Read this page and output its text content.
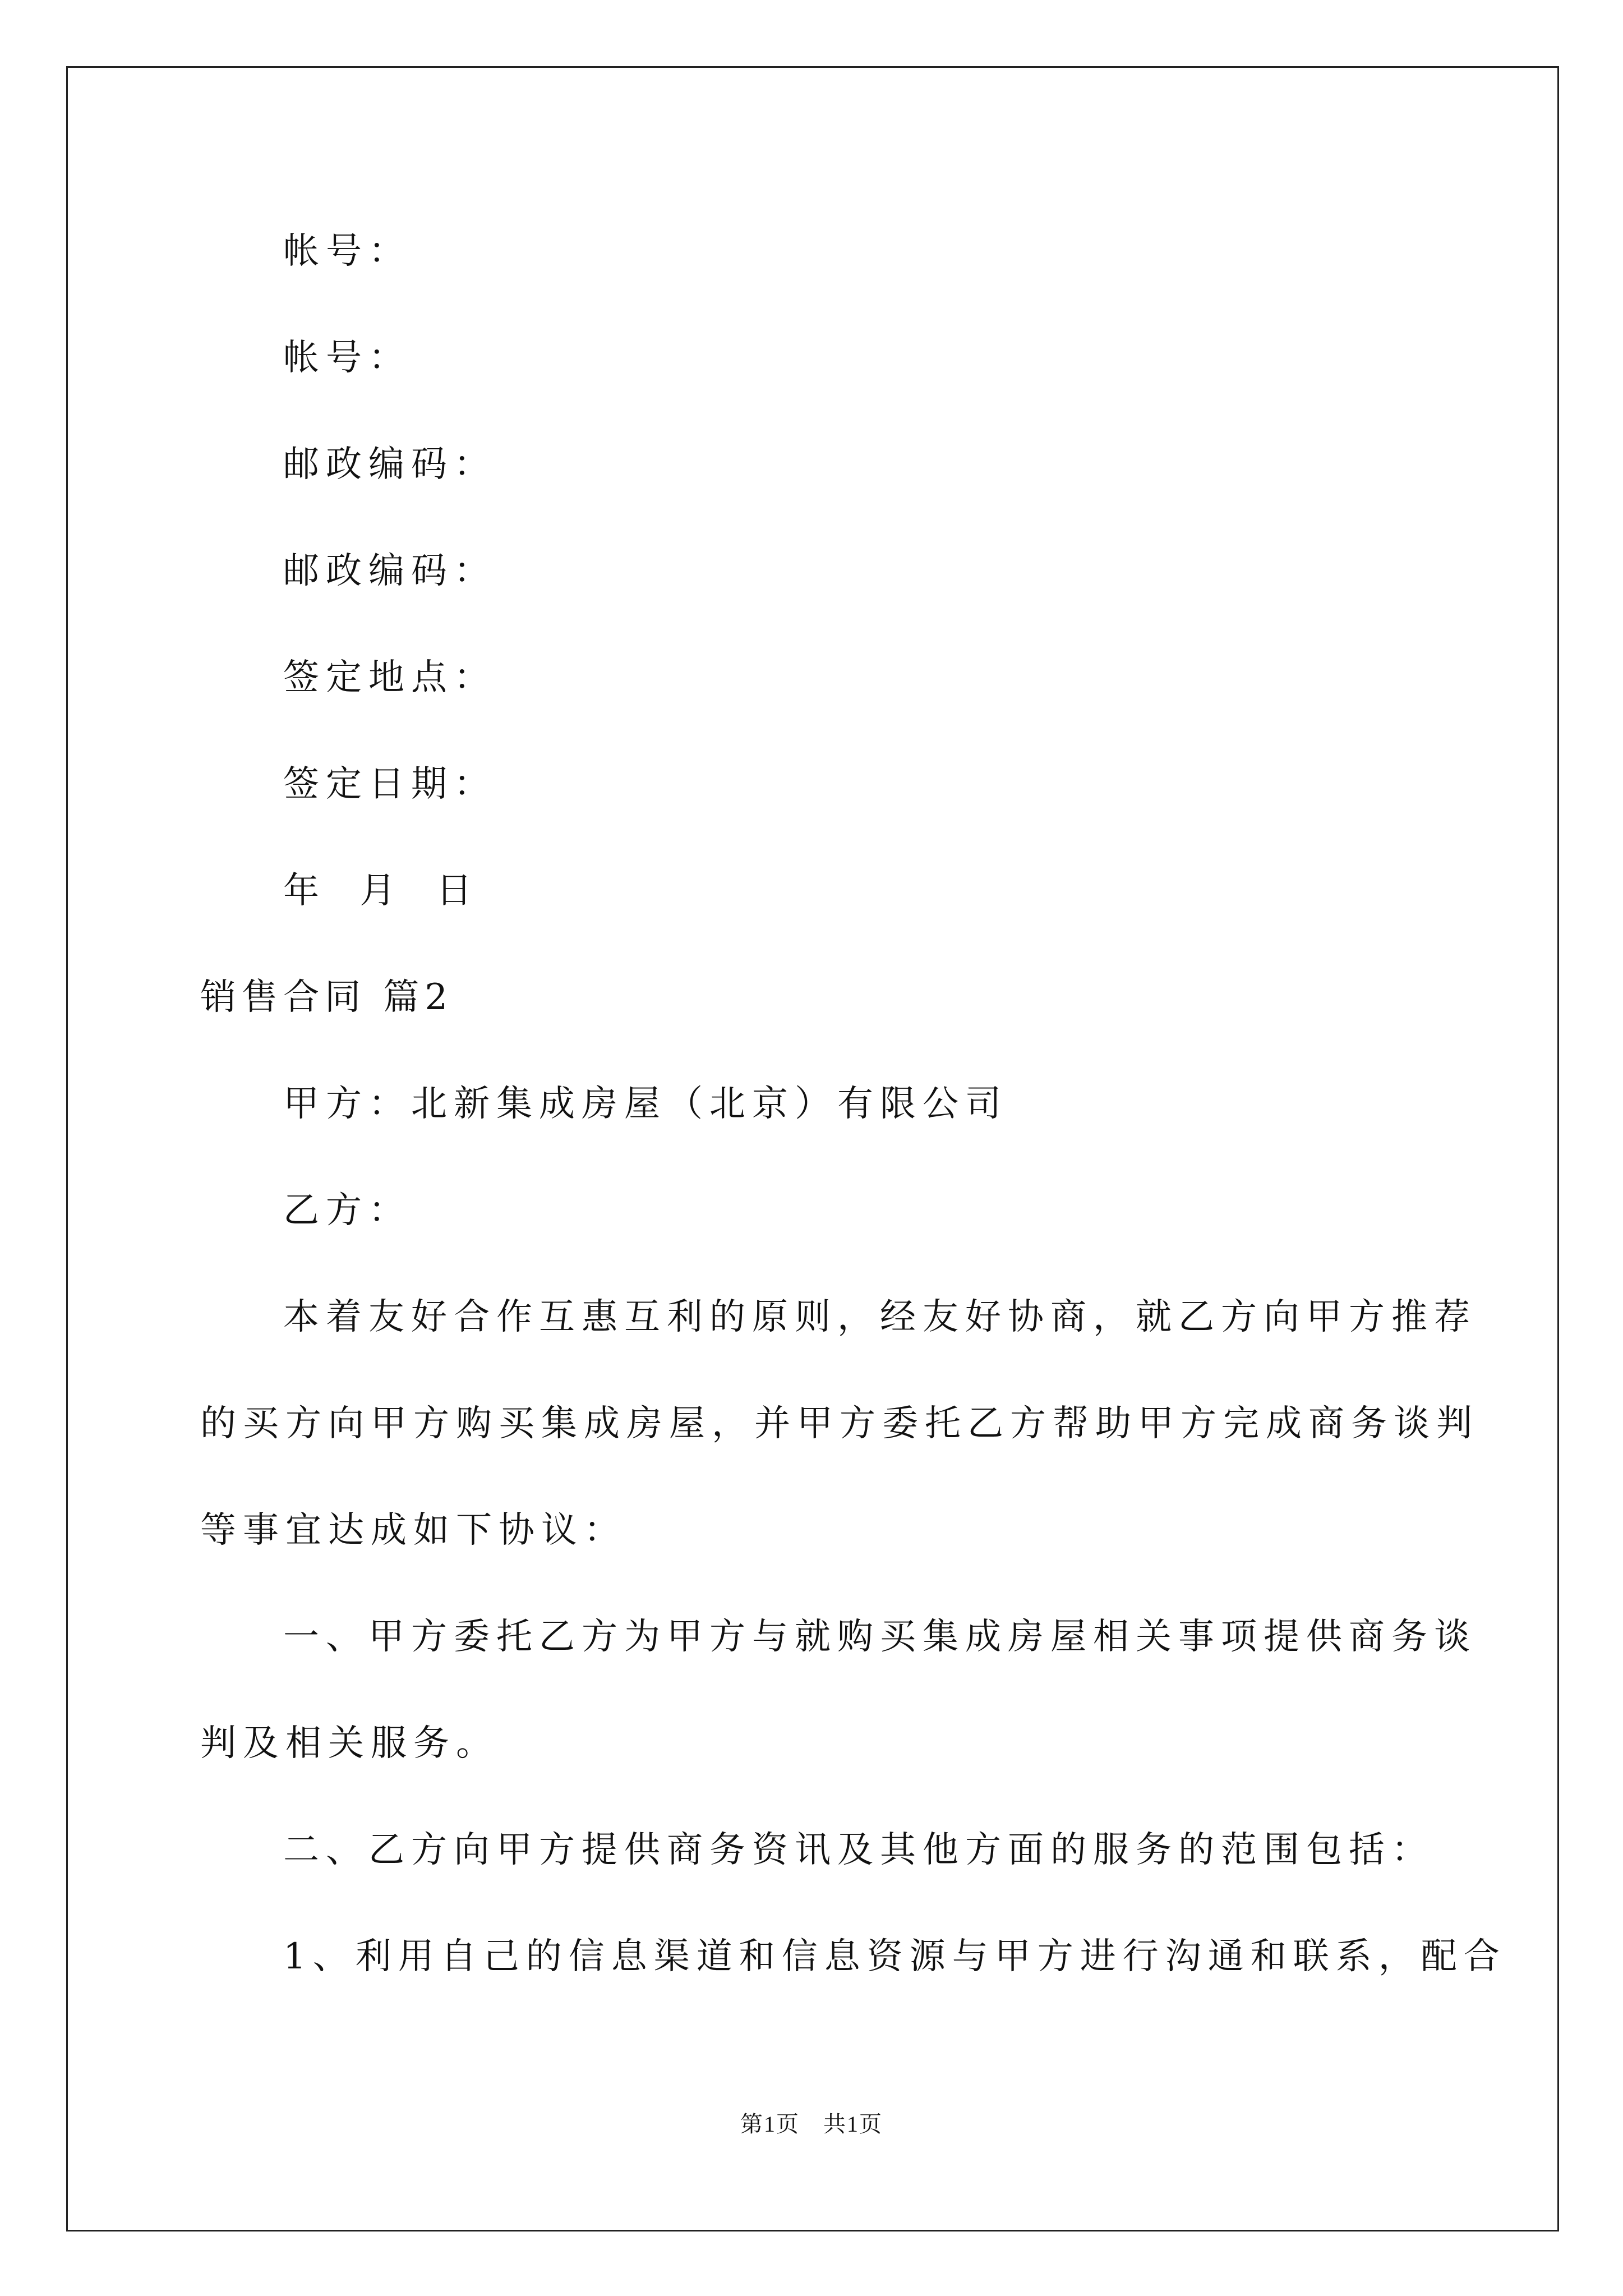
帐号：
帐号：
邮政编码：
邮政编码：
签定地点：
签定日期：
年 月 日
销售合同 篇2
甲方：北新集成房屋（北京）有限公司
乙方：
本着友好合作互惠互利的原则，经友好协商，就乙方向甲方推荐
的买方向甲方购买集成房屋，并甲方委托乙方帮助甲方完成商务谈判
等事宜达成如下协议：
一、甲方委托乙方为甲方与就购买集成房屋相关事项提供商务谈
判及相关服务。
二、乙方向甲方提供商务资讯及其他方面的服务的范围包括：
1、利用自己的信息渠道和信息资源与甲方进行沟通和联系，配合
第1页　共1页
